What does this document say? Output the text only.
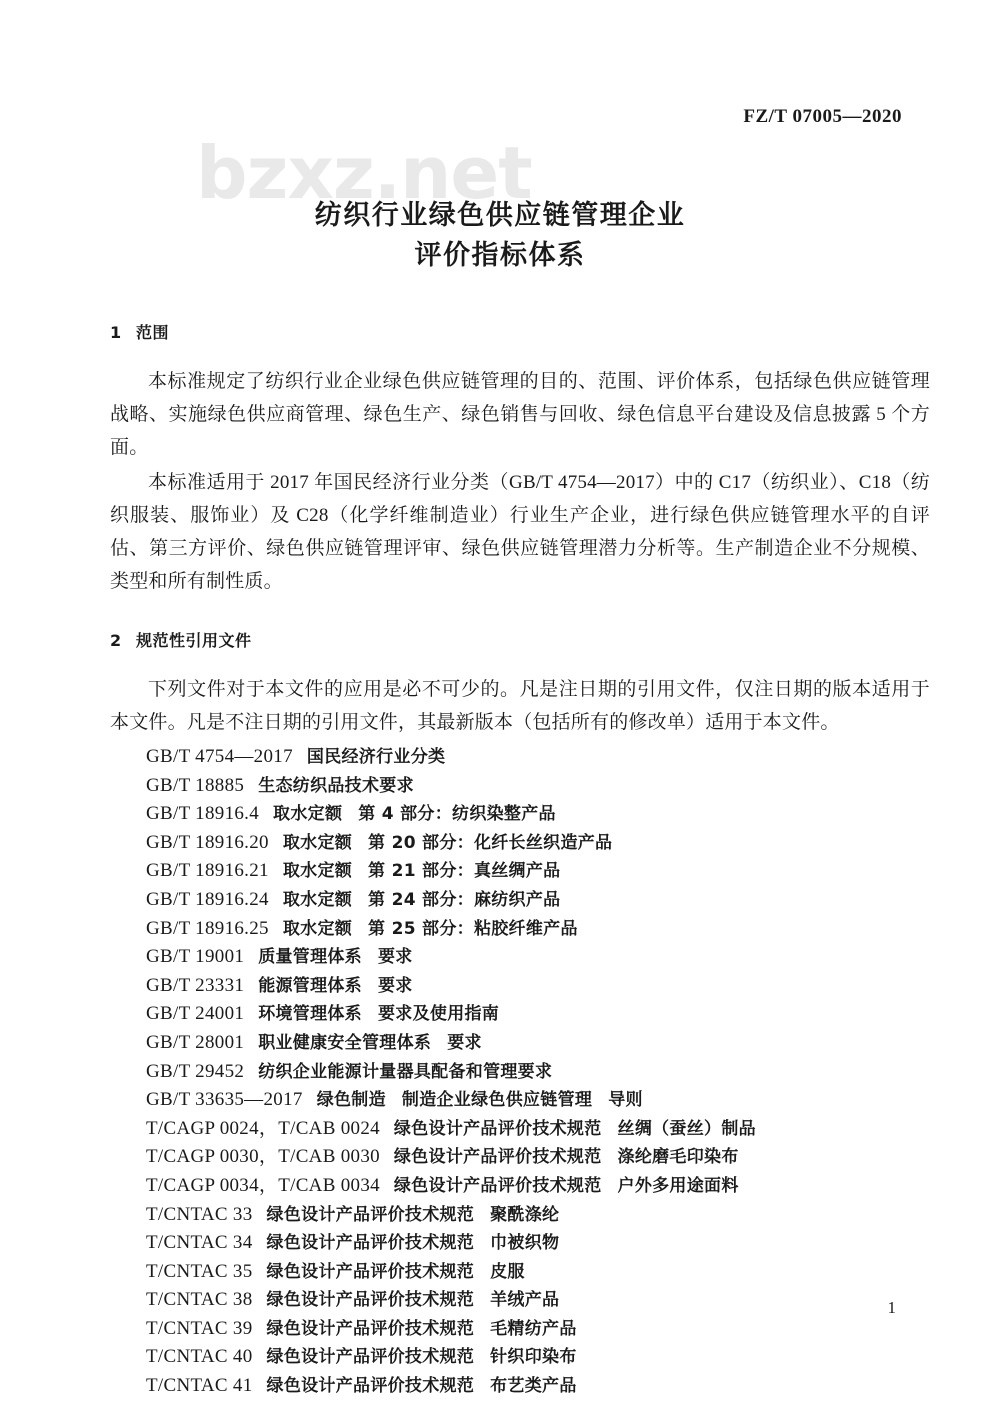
bzxz.net
FZ/T 07005—2020
纺织行业绿色供应链管理企业
评价指标体系
1 范围

本标准规定了纺织行业企业绿色供应链管理的目的、范围、评价体系，包括绿色供应链管理战略、实施绿色供应商管理、绿色生产、绿色销售与回收、绿色信息平台建设及信息披露 5 个方面。

本标准适用于 2017 年国民经济行业分类（GB/T 4754—2017）中的 C17（纺织业）、C18（纺织服装、服饰业）及 C28（化学纤维制造业）行业生产企业，进行绿色供应链管理水平的自评估、第三方评价、绿色供应链管理评审、绿色供应链管理潜力分析等。生产制造企业不分规模、类型和所有制性质。

2 规范性引用文件

下列文件对于本文件的应用是必不可少的。凡是注日期的引用文件，仅注日期的版本适用于本文件。凡是不注日期的引用文件，其最新版本（包括所有的修改单）适用于本文件。

GB/T 4754—2017 国民经济行业分类
GB/T 18885 生态纺织品技术要求
GB/T 18916.4 取水定额 第 4 部分：纺织染整产品
GB/T 18916.20 取水定额 第 20 部分：化纤长丝织造产品
GB/T 18916.21 取水定额 第 21 部分：真丝绸产品
GB/T 18916.24 取水定额 第 24 部分：麻纺织产品
GB/T 18916.25 取水定额 第 25 部分：粘胶纤维产品
GB/T 19001 质量管理体系 要求
GB/T 23331 能源管理体系 要求
GB/T 24001 环境管理体系 要求及使用指南
GB/T 28001 职业健康安全管理体系 要求
GB/T 29452 纺织企业能源计量器具配备和管理要求
GB/T 33635—2017 绿色制造 制造企业绿色供应链管理 导则
T/CAGP 0024，T/CAB 0024 绿色设计产品评价技术规范 丝绸（蚕丝）制品
T/CAGP 0030，T/CAB 0030 绿色设计产品评价技术规范 涤纶磨毛印染布
T/CAGP 0034，T/CAB 0034 绿色设计产品评价技术规范 户外多用途面料
T/CNTAC 33 绿色设计产品评价技术规范 聚酰涤纶
T/CNTAC 34 绿色设计产品评价技术规范 巾被织物
T/CNTAC 35 绿色设计产品评价技术规范 皮服
T/CNTAC 38 绿色设计产品评价技术规范 羊绒产品
T/CNTAC 39 绿色设计产品评价技术规范 毛精纺产品
T/CNTAC 40 绿色设计产品评价技术规范 针织印染布
T/CNTAC 41 绿色设计产品评价技术规范 布艺类产品
1
